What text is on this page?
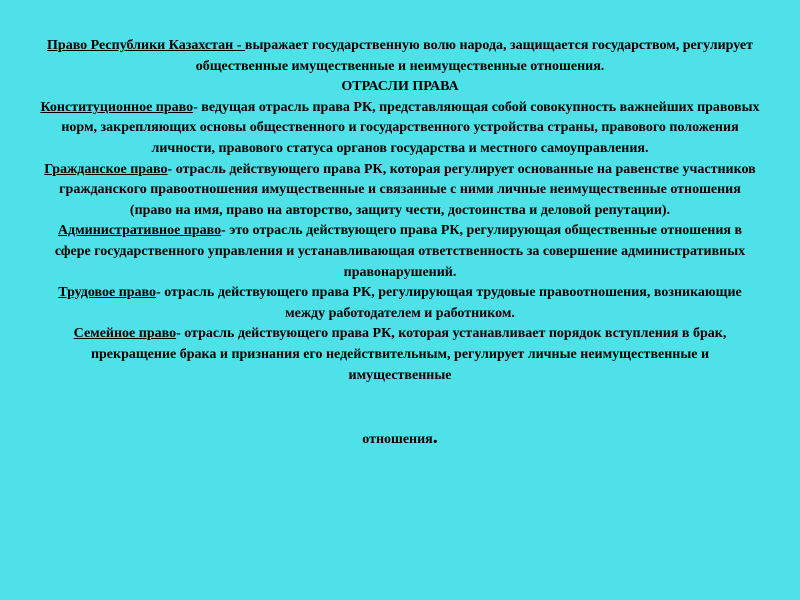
Право Республики Казахстан - выражает государственную волю народа, защищается государством, регулирует общественные имущественные и неимущественные отношения.

ОТРАСЛИ ПРАВА

Конституционное право- ведущая отрасль права РК, представляющая собой совокупность важнейших правовых норм, закрепляющих основы общественного и государственного устройства страны, правового положения личности, правового статуса органов государства и местного самоуправления.

Гражданское право- отрасль действующего права РК, которая регулирует основанные на равенстве участников гражданского правоотношения имущественные и связанные с ними личные неимущественные отношения (право на имя, право на авторство, защиту чести, достоинства и деловой репутации).

Административное право- это отрасль действующего права РК, регулирующая общественные отношения в сфере государственного управления и устанавливающая ответственность за совершение административных правонарушений.

Трудовое право- отрасль действующего права РК, регулирующая трудовые правоотношения, возникающие между работодателем и работником.

Семейное право- отрасль действующего права РК, которая устанавливает порядок вступления в брак, прекращение брака и признания его недействительным, регулирует личные неимущественные и имущественные

отношения.
